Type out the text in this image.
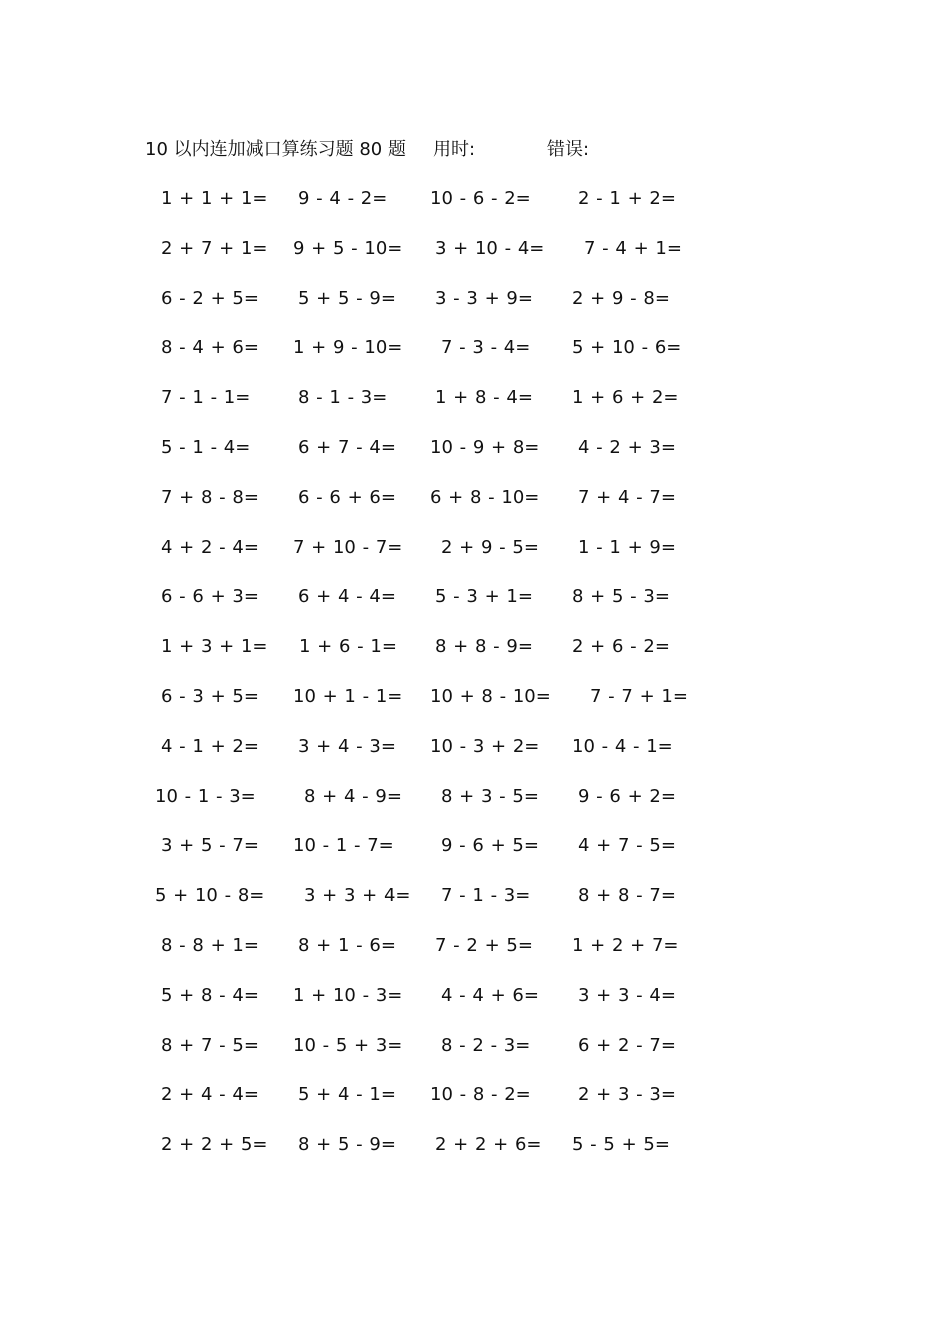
10 以内连加减口算练习题 80 题 用时:	错误:
1 + 1 + 1= 9 - 4 - 2= 10 - 6 - 2=	2 - 1 + 2=
2 + 7 + 1= 9 + 5 - 10= 3 + 10 - 4= 7 - 4 + 1=
6 - 2 + 5= 5 + 5 - 9= 3 - 3 + 9= 2 + 9 - 8=
8 - 4 + 6= 1 + 9 - 10= 7 - 3 - 4= 5 + 10 - 6=
7 - 1 - 1=	8 - 1 - 3=	1 + 8 - 4= 1 + 6 + 2=
5 - 1 - 4=	6 + 7 - 4= 10 - 9 + 8= 4 - 2 + 3=
7 + 8 - 8= 6 - 6 + 6= 6 + 8 - 10= 7 + 4 - 7=
4 + 2 - 4= 7 + 10 - 7= 2 + 9 - 5= 1 - 1 + 9=
6 - 6 + 3= 6 + 4 - 4= 5 - 3 + 1= 8 + 5 - 3=
1 + 3 + 1= 1 + 6 - 1= 8 + 8 - 9= 2 + 6 - 2=
6 - 3 + 5= 10 + 1 - 1= 10 + 8 - 10= 7 - 7 + 1=
4 - 1 + 2= 3 + 4 - 3= 10 - 3 + 2= 10 - 4 - 1=
10 - 1 - 3=	8 + 4 - 9= 8 + 3 - 5= 9 - 6 + 2=
3 + 5 - 7= 10 - 1 - 7=	9 - 6 + 5= 4 + 7 - 5=
5 + 10 - 8= 3 + 3 + 4= 7 - 1 - 3=	8 + 8 - 7=
8 - 8 + 1= 8 + 1 - 6= 7 - 2 + 5= 1 + 2 + 7=
5 + 8 - 4= 1 + 10 - 3= 4 - 4 + 6= 3 + 3 - 4=
8 + 7 - 5= 10 - 5 + 3= 8 - 2 - 3=	6 + 2 - 7=
2 + 4 - 4= 5 + 4 - 1= 10 - 8 - 2=	2 + 3 - 3=
2 + 2 + 5= 8 + 5 - 9= 2 + 2 + 6= 5 - 5 + 5=
